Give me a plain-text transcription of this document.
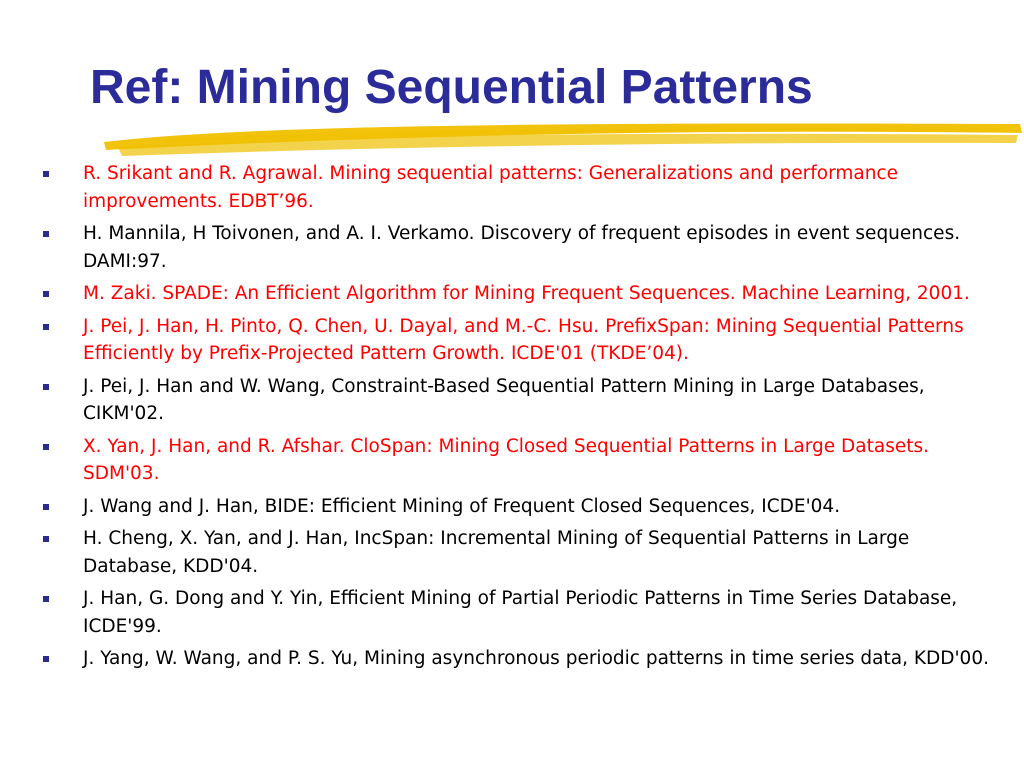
Ref: Mining Sequential Patterns
R. Srikant and R. Agrawal. Mining sequential patterns: Generalizations and performance improvements. EDBT’96.
H. Mannila, H Toivonen, and A. I. Verkamo. Discovery of frequent episodes in event sequences. DAMI:97.
M. Zaki. SPADE: An Efficient Algorithm for Mining Frequent Sequences. Machine Learning, 2001.
J. Pei, J. Han, H. Pinto, Q. Chen, U. Dayal, and M.-C. Hsu. PrefixSpan: Mining Sequential Patterns Efficiently by Prefix-Projected Pattern Growth. ICDE'01 (TKDE’04).
J. Pei, J. Han and W. Wang, Constraint-Based Sequential Pattern Mining in Large Databases, CIKM'02.
X. Yan, J. Han, and R. Afshar. CloSpan: Mining Closed Sequential Patterns in Large Datasets. SDM'03.
J. Wang and J. Han, BIDE: Efficient Mining of Frequent Closed Sequences, ICDE'04.
H. Cheng, X. Yan, and J. Han, IncSpan: Incremental Mining of Sequential Patterns in Large Database, KDD'04.
J. Han, G. Dong and Y. Yin, Efficient Mining of Partial Periodic Patterns in Time Series Database, ICDE'99.
J. Yang, W. Wang, and P. S. Yu, Mining asynchronous periodic patterns in time series data, KDD'00.
